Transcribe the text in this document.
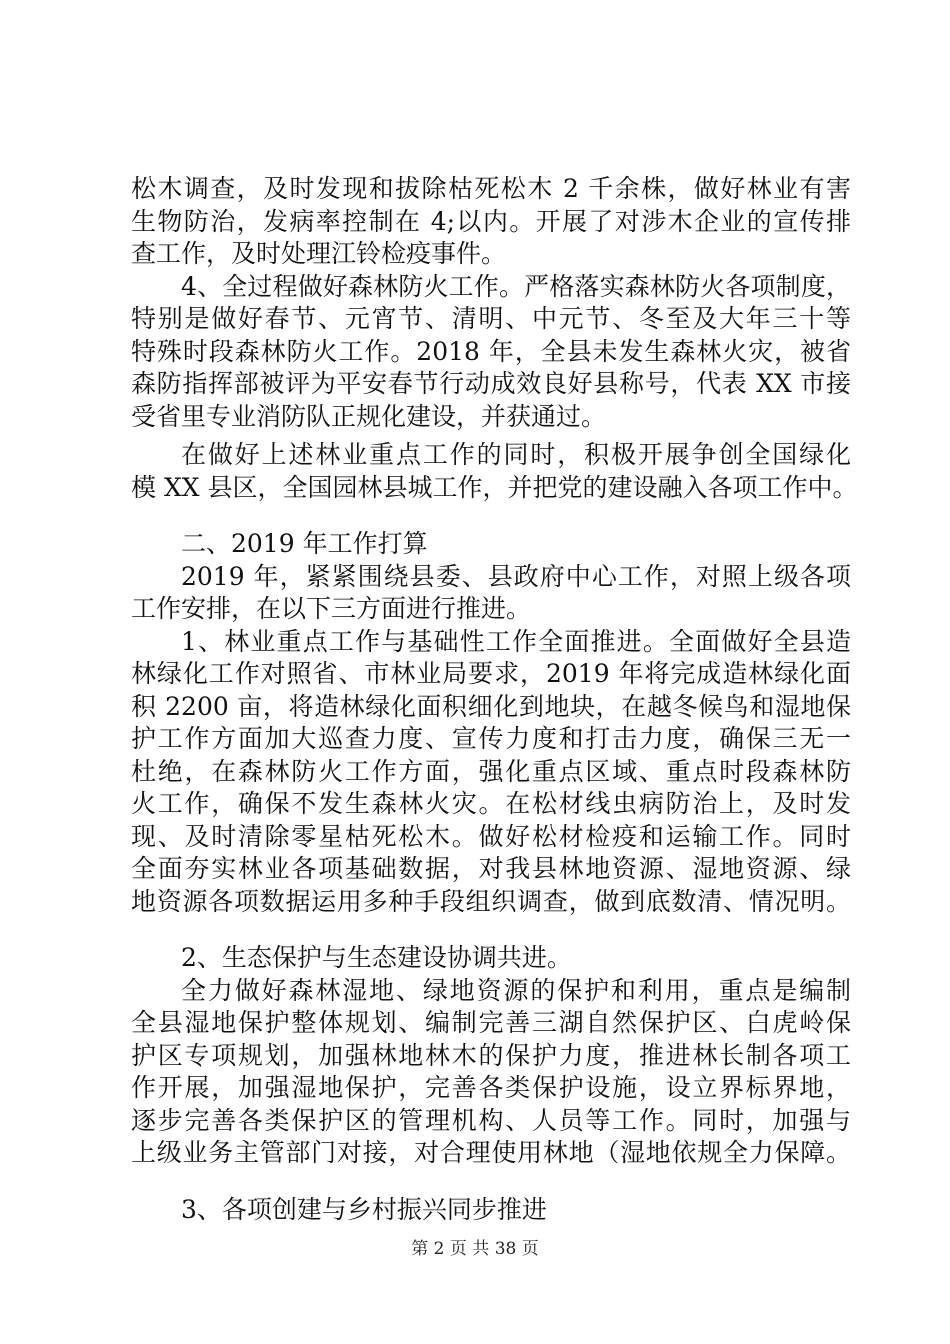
松木调查，及时发现和拔除枯死松木 2 千余株，做好林业有害
生物防治，发病率控制在 4;以内。开展了对涉木企业的宣传排
查工作，及时处理江铃检疫事件。
4、全过程做好森林防火工作。严格落实森林防火各项制度，
特别是做好春节、元宵节、清明、中元节、冬至及大年三十等
特殊时段森林防火工作。2018 年，全县未发生森林火灾，被省
森防指挥部被评为平安春节行动成效良好县称号，代表 XX 市接
受省里专业消防队正规化建设，并获通过。
在做好上述林业重点工作的同时，积极开展争创全国绿化
模 XX 县区，全国园林县城工作，并把党的建设融入各项工作中。
二、2019 年工作打算
2019 年，紧紧围绕县委、县政府中心工作，对照上级各项
工作安排，在以下三方面进行推进。
1、林业重点工作与基础性工作全面推进。全面做好全县造
林绿化工作对照省、市林业局要求，2019 年将完成造林绿化面
积 2200 亩，将造林绿化面积细化到地块，在越冬候鸟和湿地保
护工作方面加大巡查力度、宣传力度和打击力度，确保三无一
杜绝，在森林防火工作方面，强化重点区域、重点时段森林防
火工作，确保不发生森林火灾。在松材线虫病防治上，及时发
现、及时清除零星枯死松木。做好松材检疫和运输工作。同时
全面夯实林业各项基础数据，对我县林地资源、湿地资源、绿
地资源各项数据运用多种手段组织调查，做到底数清、情况明。
2、生态保护与生态建设协调共进。
全力做好森林湿地、绿地资源的保护和利用，重点是编制
全县湿地保护整体规划、编制完善三湖自然保护区、白虎岭保
护区专项规划，加强林地林木的保护力度，推进林长制各项工
作开展，加强湿地保护，完善各类保护设施，设立界标界地，
逐步完善各类保护区的管理机构、人员等工作。同时，加强与
上级业务主管部门对接，对合理使用林地（湿地依规全力保障。
3、各项创建与乡村振兴同步推进
第 2 页 共 38 页
